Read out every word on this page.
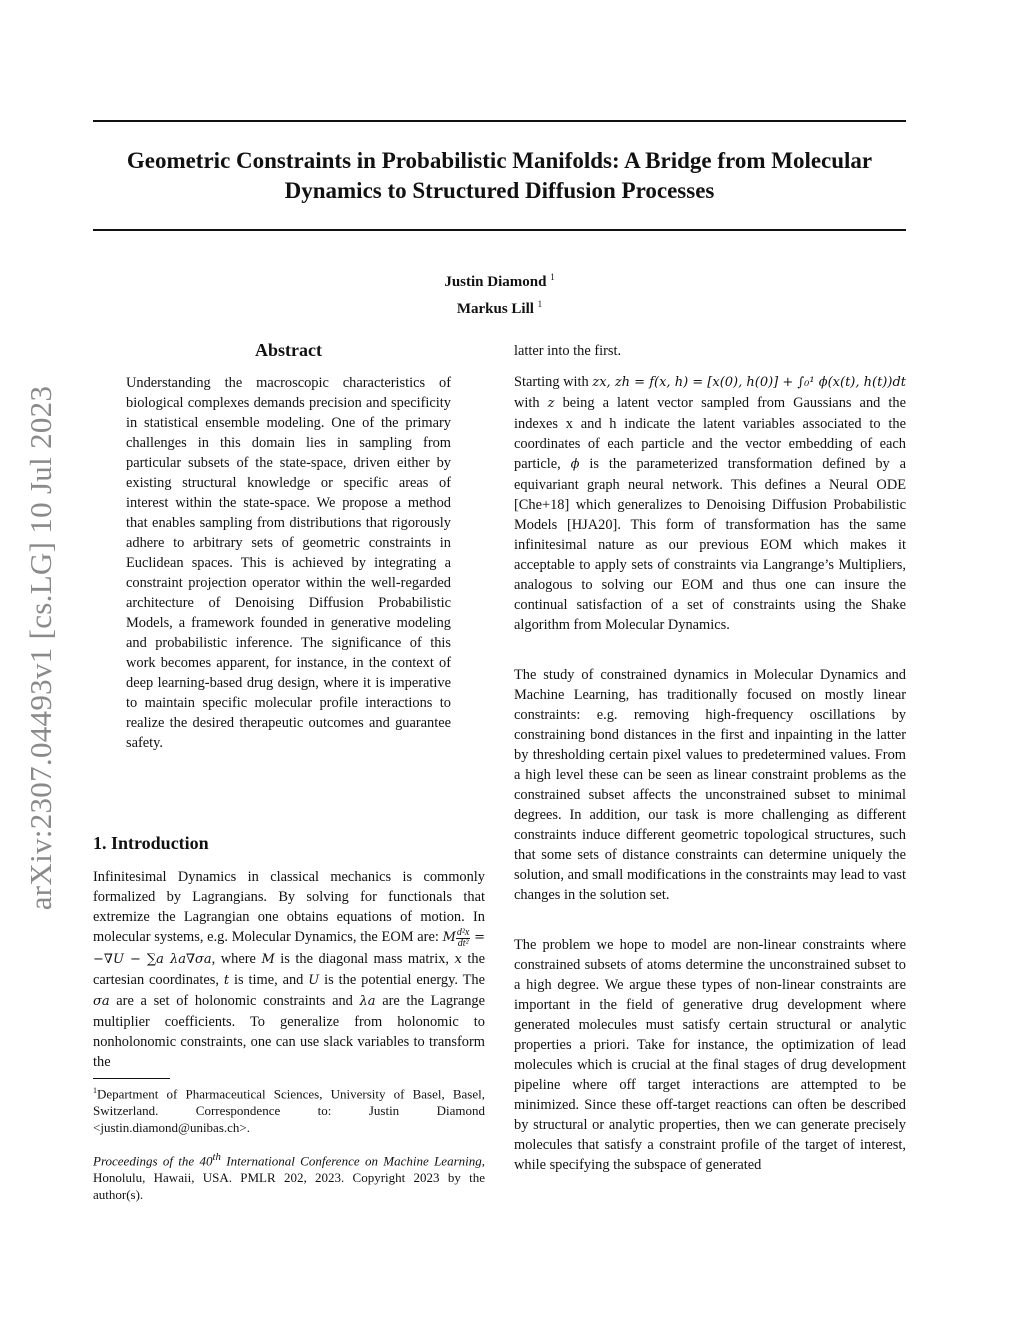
arXiv:2307.04493v1 [cs.LG] 10 Jul 2023
Geometric Constraints in Probabilistic Manifolds: A Bridge from Molecular Dynamics to Structured Diffusion Processes
Justin Diamond $^1$
Markus Lill $^1$
Abstract
Understanding the macroscopic characteristics of biological complexes demands precision and specificity in statistical ensemble modeling. One of the primary challenges in this domain lies in sampling from particular subsets of the state-space, driven either by existing structural knowledge or specific areas of interest within the state-space. We propose a method that enables sampling from distributions that rigorously adhere to arbitrary sets of geometric constraints in Euclidean spaces. This is achieved by integrating a constraint projection operator within the well-regarded architecture of Denoising Diffusion Probabilistic Models, a framework founded in generative modeling and probabilistic inference. The significance of this work becomes apparent, for instance, in the context of deep learning-based drug design, where it is imperative to maintain specific molecular profile interactions to realize the desired therapeutic outcomes and guarantee safety.
1. Introduction

Infinitesimal Dynamics in classical mechanics is commonly formalized by Lagrangians. By solving for functionals that extremize the Lagrangian one obtains equations of motion. In molecular systems, e.g. Molecular Dynamics, the EOM are: M $\frac{\text{d²x}}{\text{dt²}} = -\nabla U - \sum a$ λa∇σa, where M is the diagonal mass matrix, x the cartesian coordinates, t is time, and U is the potential energy. The σa are a set of holonomic constraints and λa are the Lagrange multiplier coefficients. To generalize from holonomic to nonholonomic constraints, one can use slack variables to transform the

$^1$Department of Pharmaceutical Sciences, University of Basel, Basel, Switzerland. Correspondence to: Justin Diamond <justin.diamond@unibas.ch>.
Proceedings of the 40th International Conference on Machine Learning, Honolulu, Hawaii, USA. PMLR 202, 2023. Copyright 2023 by the author(s).

latter into the first.

Starting with zx, zh = f(x, h) = [x(0), h(0)] + ∫₀¹ ϕ(x(t), h(t))dt with z being a latent vector sampled from Gaussians and the indexes x and h indicate the latent variables associated to the coordinates of each particle and the vector embedding of each particle, ϕ is the parameterized transformation defined by a equivariant graph neural network. This defines a Neural ODE [Che+18] which generalizes to Denoising Diffusion Probabilistic Models [HJA20]. This form of transformation has the same infinitesimal nature as our previous EOM which makes it acceptable to apply sets of constraints via Langrange’s Multipliers, analogous to solving our EOM and thus one can insure the continual satisfaction of a set of constraints using the Shake algorithm from Molecular Dynamics.

The study of constrained dynamics in Molecular Dynamics and Machine Learning, has traditionally focused on mostly linear constraints: e.g. removing high-frequency oscillations by constraining bond distances in the first and inpainting in the latter by thresholding certain pixel values to predetermined values. From a high level these can be seen as linear constraint problems as the constrained subset affects the unconstrained subset to minimal degrees. In addition, our task is more challenging as different constraints induce different geometric topological structures, such that some sets of distance constraints can determine uniquely the solution, and small modifications in the constraints may lead to vast changes in the solution set.

The problem we hope to model are non-linear constraints where constrained subsets of atoms determine the unconstrained subset to a high degree. We argue these types of non-linear constraints are important in the field of generative drug development where generated molecules must satisfy certain structural or analytic properties a priori. Take for instance, the optimization of lead molecules which is crucial at the final stages of drug development pipeline where off target interactions are attempted to be minimized. Since these off-target reactions can often be described by structural or analytic properties, then we can generate precisely molecules that satisfy a constraint profile of the target of interest, while specifying the subspace of generated
